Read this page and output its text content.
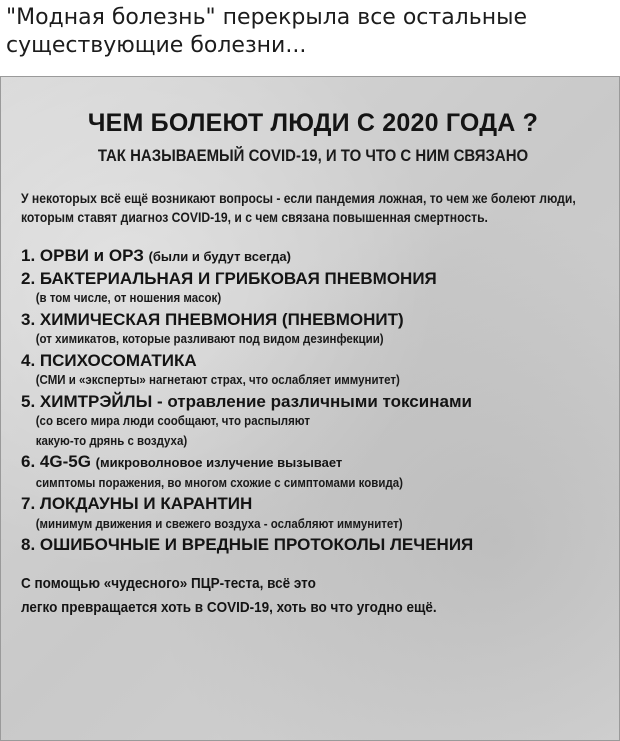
"Модная болезнь" перекрыла все остальные существующие болезни...
ЧЕМ БОЛЕЮТ ЛЮДИ С 2020 ГОДА ?
ТАК НАЗЫВАЕМЫЙ COVID-19, И ТО ЧТО С НИМ СВЯЗАНО
У некоторых всё ещё возникают вопросы - если пандемия ложная, то чем же болеют люди, которым ставят диагноз COVID-19, и с чем связана повышенная смертность.
1. ОРВИ и ОРЗ (были и будут всегда)
2. БАКТЕРИАЛЬНАЯ И ГРИБКОВАЯ ПНЕВМОНИЯ
(в том числе, от ношения масок)
3. ХИМИЧЕСКАЯ ПНЕВМОНИЯ (ПНЕВМОНИТ)
(от химикатов, которые разливают под видом дезинфекции)
4. ПСИХОСОМАТИКА
(СМИ и «эксперты» нагнетают страх, что ослабляет иммунитет)
5. ХИМТРЭЙЛЫ - отравление различными токсинами
(со всего мира люди сообщают, что распыляют
какую-то дрянь с воздуха)
6. 4G-5G (микроволновое излучение вызывает
симптомы поражения, во многом схожие с симптомами ковида)
7. ЛОКДАУНЫ И КАРАНТИН
(минимум движения и свежего воздуха - ослабляют иммунитет)
8. ОШИБОЧНЫЕ И ВРЕДНЫЕ ПРОТОКОЛЫ ЛЕЧЕНИЯ
С помощью «чудесного» ПЦР-теста, всё это
легко превращается хоть в COVID-19, хоть во что угодно ещё.
